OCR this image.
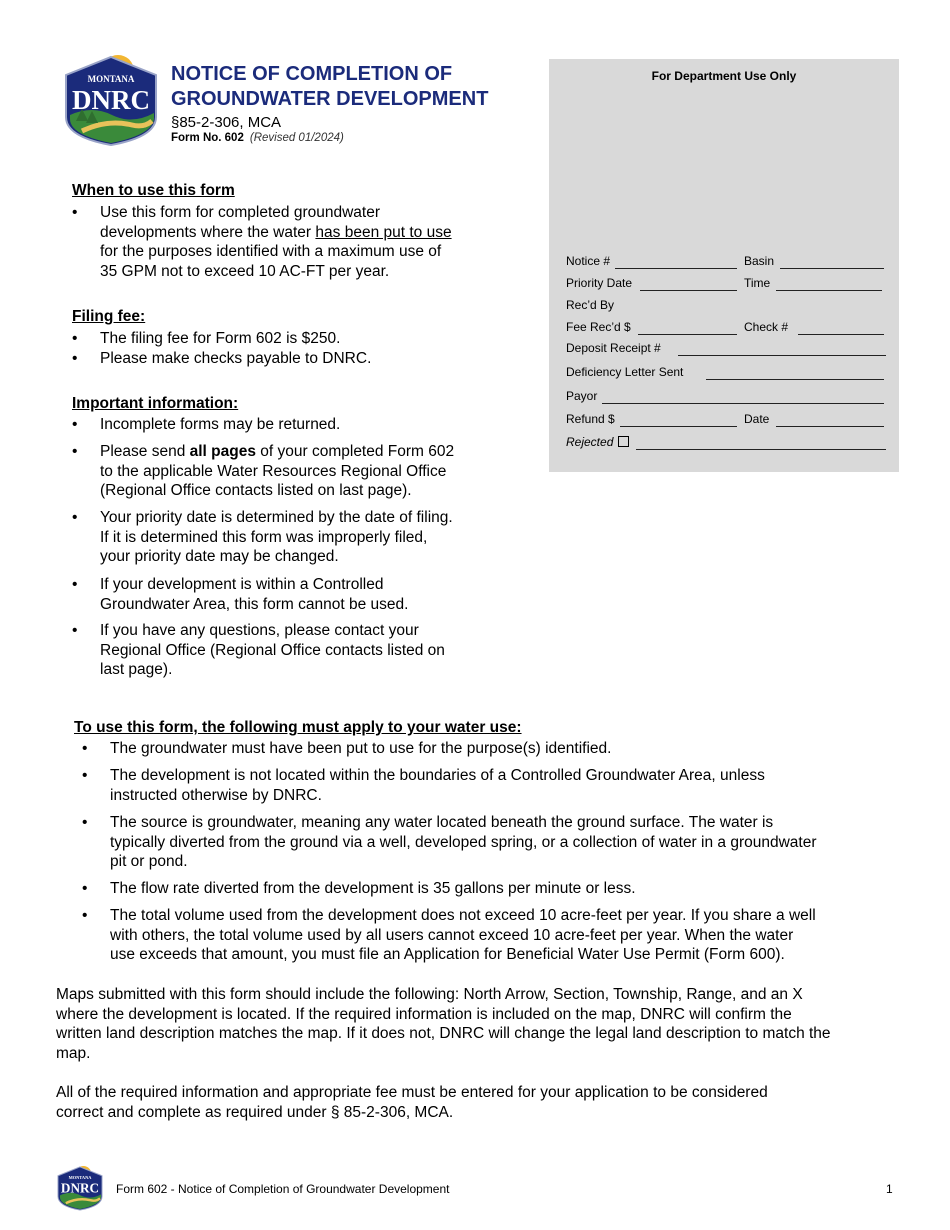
MONTANA
DNRC
NOTICE OF COMPLETION OF
GROUNDWATER DEVELOPMENT
§85-2-306, MCA
Form No. 602 (Revised 01/2024)
For Department Use Only
Notice #	Basin
Priority Date	Time
Rec’d By
Fee Rec’d $	Check #
Deposit Receipt #
Deficiency Letter Sent
Payor
Refund $	Date
Rejected
When to use this form
• Use this form for completed groundwater
developments where the water has been put to use
for the purposes identified with a maximum use of
35 GPM not to exceed 10 AC-FT per year.
Filing fee:
• The filing fee for Form 602 is $250.
• Please make checks payable to DNRC.
Important information:
• Incomplete forms may be returned.
• Please send all pages of your completed Form 602
to the applicable Water Resources Regional Office
(Regional Office contacts listed on last page).
• Your priority date is determined by the date of filing.
If it is determined this form was improperly filed,
your priority date may be changed.
• If your development is within a Controlled
Groundwater Area, this form cannot be used.
• If you have any questions, please contact your
Regional Office (Regional Office contacts listed on
last page).
To use this form, the following must apply to your water use:
• The groundwater must have been put to use for the purpose(s) identified.
• The development is not located within the boundaries of a Controlled Groundwater Area, unless
instructed otherwise by DNRC.
• The source is groundwater, meaning any water located beneath the ground surface. The water is
typically diverted from the ground via a well, developed spring, or a collection of water in a groundwater
pit or pond.
• The flow rate diverted from the development is 35 gallons per minute or less.
• The total volume used from the development does not exceed 10 acre-feet per year. If you share a well
with others, the total volume used by all users cannot exceed 10 acre-feet per year. When the water
use exceeds that amount, you must file an Application for Beneficial Water Use Permit (Form 600).
Maps submitted with this form should include the following: North Arrow, Section, Township, Range, and an X
where the development is located. If the required information is included on the map, DNRC will confirm the
written land description matches the map. If it does not, DNRC will change the legal land description to match the
map.
All of the required information and appropriate fee must be entered for your application to be considered
correct and complete as required under § 85-2-306, MCA.
MONTANA
DNRC Form 602 - Notice of Completion of Groundwater Development	1
